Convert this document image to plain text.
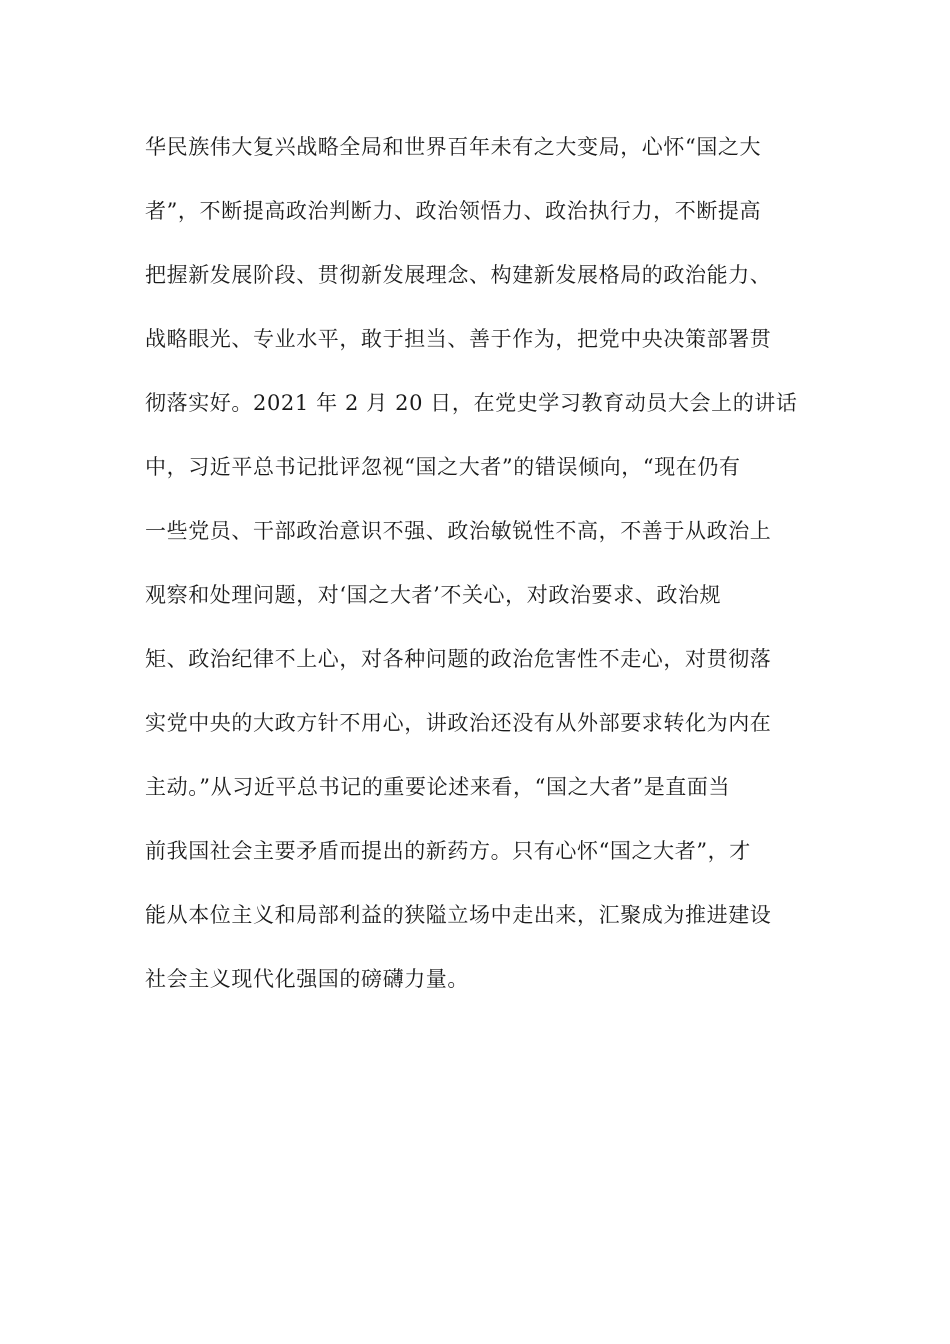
华民族伟大复兴战略全局和世界百年未有之大变局，心怀“国之大
者”，不断提高政治判断力、政治领悟力、政治执行力，不断提高
把握新发展阶段、贯彻新发展理念、构建新发展格局的政治能力、
战略眼光、专业水平，敢于担当、善于作为，把党中央决策部署贯
彻落实好。2021 年 2 月 20 日，在党史学习教育动员大会上的讲话
中，习近平总书记批评忽视“国之大者”的错误倾向，“现在仍有
一些党员、干部政治意识不强、政治敏锐性不高，不善于从政治上
观察和处理问题，对‘国之大者’不关心，对政治要求、政治规
矩、政治纪律不上心，对各种问题的政治危害性不走心，对贯彻落
实党中央的大政方针不用心，讲政治还没有从外部要求转化为内在
主动。”从习近平总书记的重要论述来看，“国之大者”是直面当
前我国社会主要矛盾而提出的新药方。只有心怀“国之大者”，才
能从本位主义和局部利益的狭隘立场中走出来，汇聚成为推进建设
社会主义现代化强国的磅礴力量。
